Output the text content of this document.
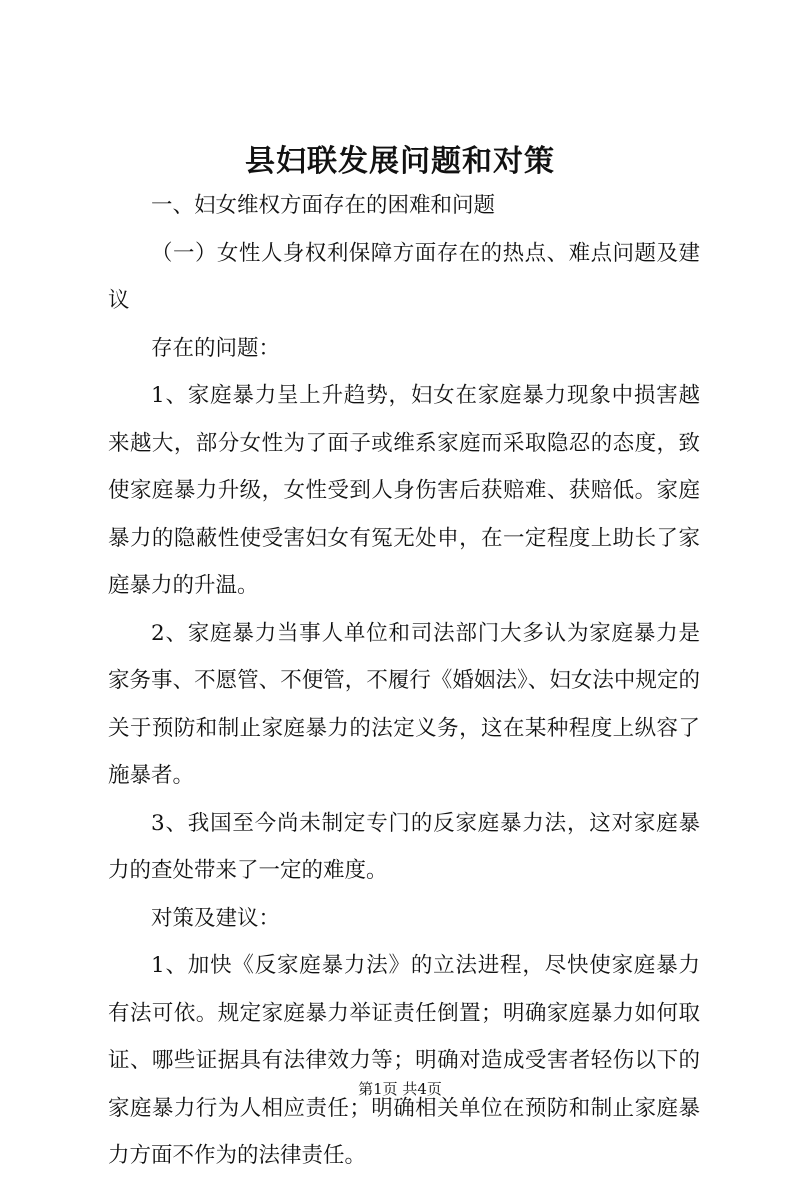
县妇联发展问题和对策

一、妇女维权方面存在的困难和问题

（一）女性人身权利保障方面存在的热点、难点问题及建议

存在的问题：

1、家庭暴力呈上升趋势，妇女在家庭暴力现象中损害越来越大，部分女性为了面子或维系家庭而采取隐忍的态度，致使家庭暴力升级，女性受到人身伤害后获赔难、获赔低。家庭暴力的隐蔽性使受害妇女有冤无处申，在一定程度上助长了家庭暴力的升温。

2、家庭暴力当事人单位和司法部门大多认为家庭暴力是家务事、不愿管、不便管，不履行《婚姻法》、妇女法中规定的关于预防和制止家庭暴力的法定义务，这在某种程度上纵容了施暴者。

3、我国至今尚未制定专门的反家庭暴力法，这对家庭暴力的查处带来了一定的难度。

对策及建议：

1、加快《反家庭暴力法》的立法进程，尽快使家庭暴力有法可依。规定家庭暴力举证责任倒置；明确家庭暴力如何取证、哪些证据具有法律效力等；明确对造成受害者轻伤以下的家庭暴力行为人相应责任；明确相关单位在预防和制止家庭暴力方面不作为的法律责任。

第1页 共4页
